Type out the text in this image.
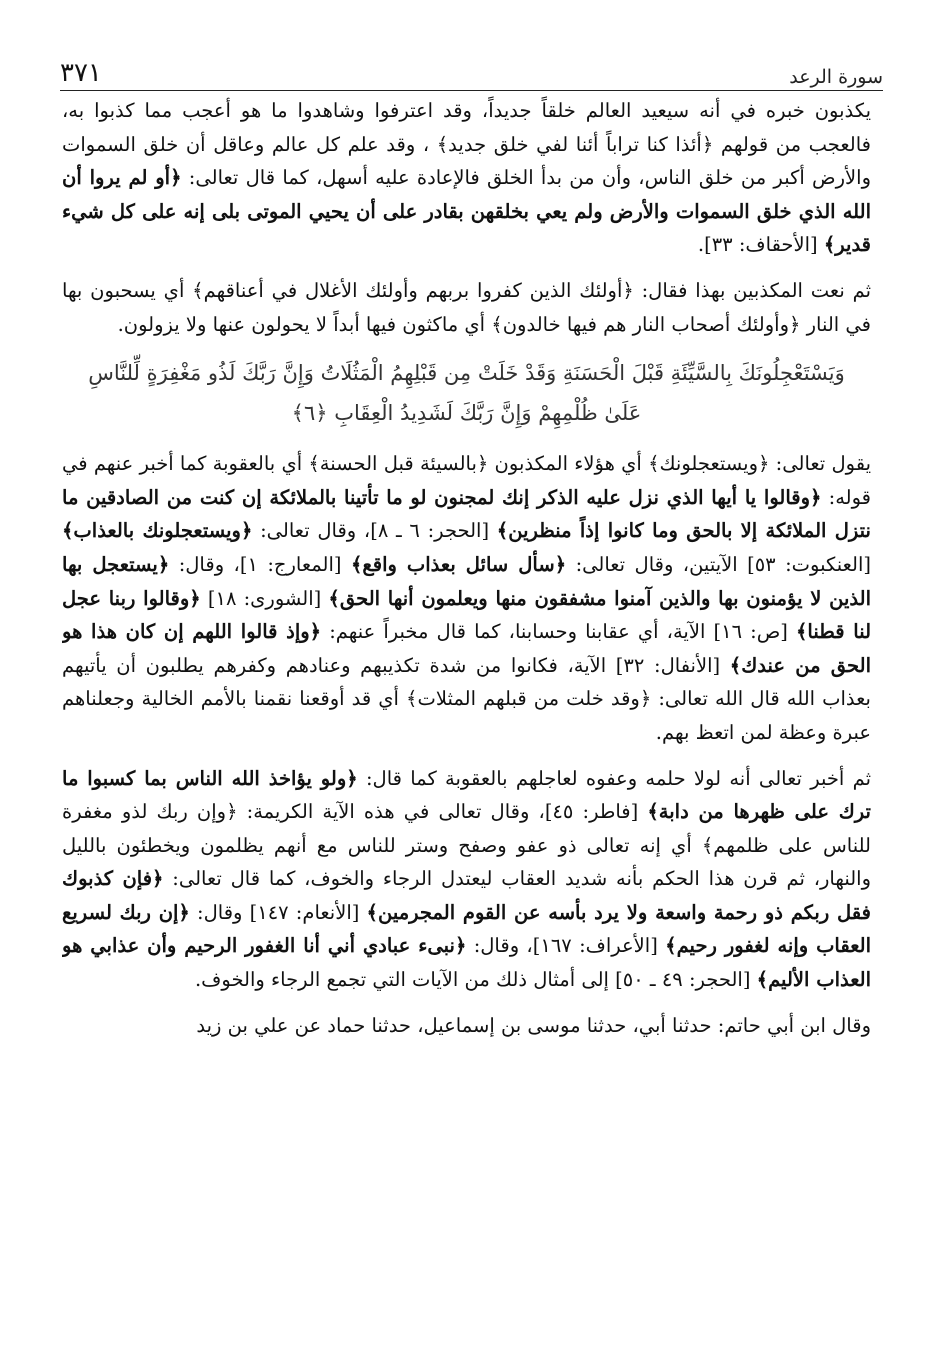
سورة الرعد
٣٧١

يكذبون خبره في أنه سيعيد العالم خلقاً جديداً، وقد اعترفوا وشاهدوا ما هو أعجب مما كذبوا به، فالعجب من قولهم ﴿أئذا كنا تراباً أئنا لفي خلق جديد﴾ ، وقد علم كل عالم وعاقل أن خلق السموات والأرض أكبر من خلق الناس، وأن من بدأ الخلق فالإعادة عليه أسهل، كما قال تعالى: ﴿أو لم يروا أن الله الذي خلق السموات والأرض ولم يعي بخلقهن بقادر على أن يحيي الموتى بلى إنه على كل شيء قدير﴾ [الأحقاف: ٣٣].

ثم نعت المكذبين بهذا فقال: ﴿أولئك الذين كفروا بربهم وأولئك الأغلال في أعناقهم﴾ أي يسحبون بها في النار ﴿وأولئك أصحاب النار هم فيها خالدون﴾ أي ماكثون فيها أبداً لا يحولون عنها ولا يزولون.

وَيَسْتَعْجِلُونَكَ بِالسَّيِّئَةِ قَبْلَ الْحَسَنَةِ وَقَدْ خَلَتْ مِن قَبْلِهِمُ الْمَثُلَاتُ وَإِنَّ رَبَّكَ لَذُو مَغْفِرَةٍ لِّلنَّاسِ عَلَىٰ ظُلْمِهِمْ وَإِنَّ رَبَّكَ لَشَدِيدُ الْعِقَابِ ﴿٦﴾

يقول تعالى: ﴿ويستعجلونك﴾ أي هؤلاء المكذبون ﴿بالسيئة قبل الحسنة﴾ أي بالعقوبة كما أخبر عنهم في قوله: ﴿وقالوا يا أيها الذي نزل عليه الذكر إنك لمجنون لو ما تأتينا بالملائكة إن كنت من الصادقين ما نتزل الملائكة إلا بالحق وما كانوا إذاً منظرين﴾ [الحجر: ٦ ـ ٨]، وقال تعالى: ﴿ويستعجلونك بالعذاب﴾ [العنكبوت: ٥٣] الآيتين، وقال تعالى: ﴿سأل سائل بعذاب واقع﴾ [المعارج: ١]، وقال: ﴿يستعجل بها الذين لا يؤمنون بها والذين آمنوا مشفقون منها ويعلمون أنها الحق﴾ [الشورى: ١٨] ﴿وقالوا ربنا عجل لنا قطنا﴾ [ص: ١٦] الآية، أي عقابنا وحسابنا، كما قال مخبراً عنهم: ﴿وإذ قالوا اللهم إن كان هذا هو الحق من عندك﴾ [الأنفال: ٣٢] الآية، فكانوا من شدة تكذيبهم وعنادهم وكفرهم يطلبون أن يأتيهم بعذاب الله قال الله تعالى: ﴿وقد خلت من قبلهم المثلات﴾ أي قد أوقعنا نقمنا بالأمم الخالية وجعلناهم عبرة وعظة لمن اتعظ بهم.

ثم أخبر تعالى أنه لولا حلمه وعفوه لعاجلهم بالعقوبة كما قال: ﴿ولو يؤاخذ الله الناس بما كسبوا ما ترك على ظهرها من دابة﴾ [فاطر: ٤٥]، وقال تعالى في هذه الآية الكريمة: ﴿وإن ربك لذو مغفرة للناس على ظلمهم﴾ أي إنه تعالى ذو عفو وصفح وستر للناس مع أنهم يظلمون ويخطئون بالليل والنهار، ثم قرن هذا الحكم بأنه شديد العقاب ليعتدل الرجاء والخوف، كما قال تعالى: ﴿فإن كذبوك فقل ربكم ذو رحمة واسعة ولا يرد بأسه عن القوم المجرمين﴾ [الأنعام: ١٤٧] وقال: ﴿إن ربك لسريع العقاب وإنه لغفور رحيم﴾ [الأعراف: ١٦٧]، وقال: ﴿نبىء عبادي أني أنا الغفور الرحيم وأن عذابي هو العذاب الأليم﴾ [الحجر: ٤٩ ـ ٥٠] إلى أمثال ذلك من الآيات التي تجمع الرجاء والخوف.

وقال ابن أبي حاتم: حدثنا أبي، حدثنا موسى بن إسماعيل، حدثنا حماد عن علي بن زيد
